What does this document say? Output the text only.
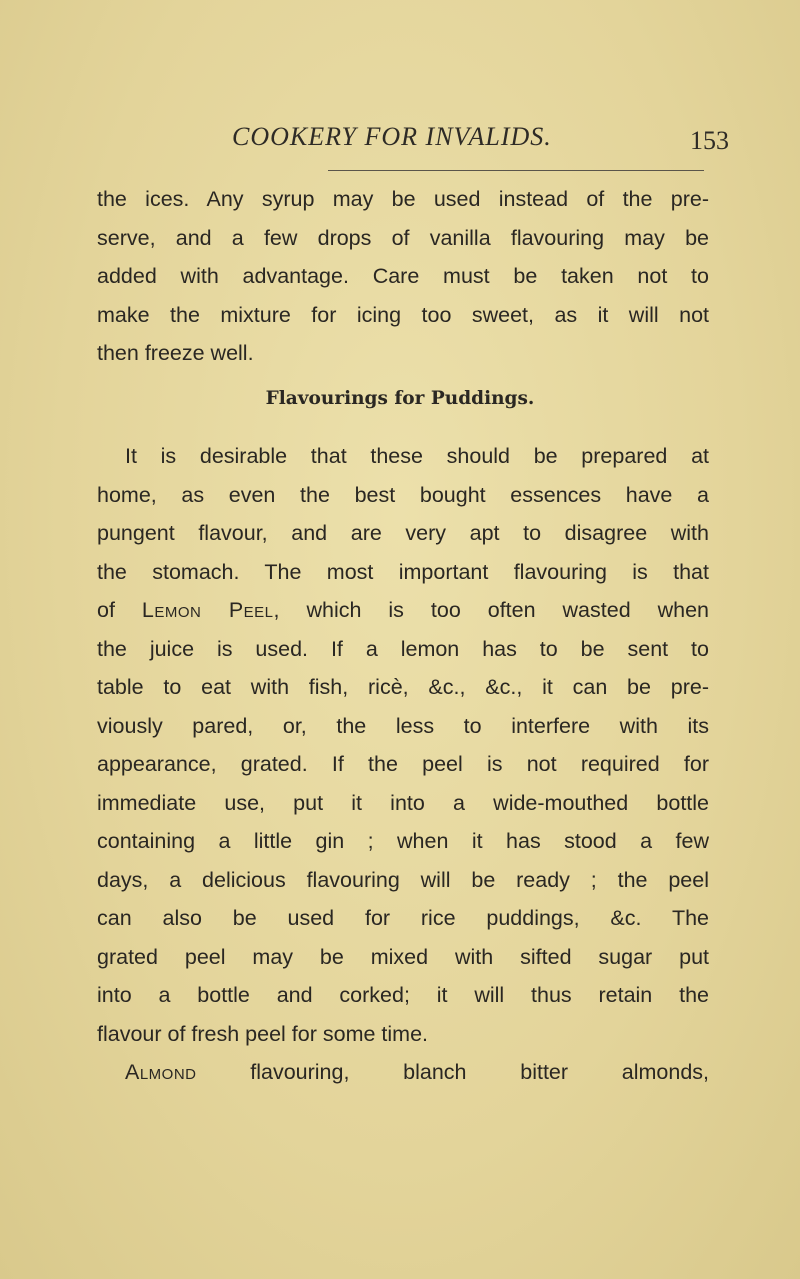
COOKERY FOR INVALIDS.	153
the ices. Any syrup may be used instead of the pre-
serve, and a few drops of vanilla flavouring may be
added with advantage. Care must be taken not to
make the mixture for icing too sweet, as it will not
then freeze well.
Flavourings for Puddings.
It is desirable that these should be prepared at
home, as even the best bought essences have a
pungent flavour, and are very apt to disagree with
the stomach. The most important flavouring is that
of Lemon Peel, which is too often wasted when
the juice is used. If a lemon has to be sent to
table to eat with fish, ricè, &c., &c., it can be pre-
viously pared, or, the less to interfere with its
appearance, grated. If the peel is not required for
immediate use, put it into a wide-mouthed bottle
containing a little gin ; when it has stood a few
days, a delicious flavouring will be ready ; the peel
can also be used for rice puddings, &c. The
grated peel may be mixed with sifted sugar put
into a bottle and corked; it will thus retain the
flavour of fresh peel for some time.
Almond flavouring, blanch bitter almonds,
